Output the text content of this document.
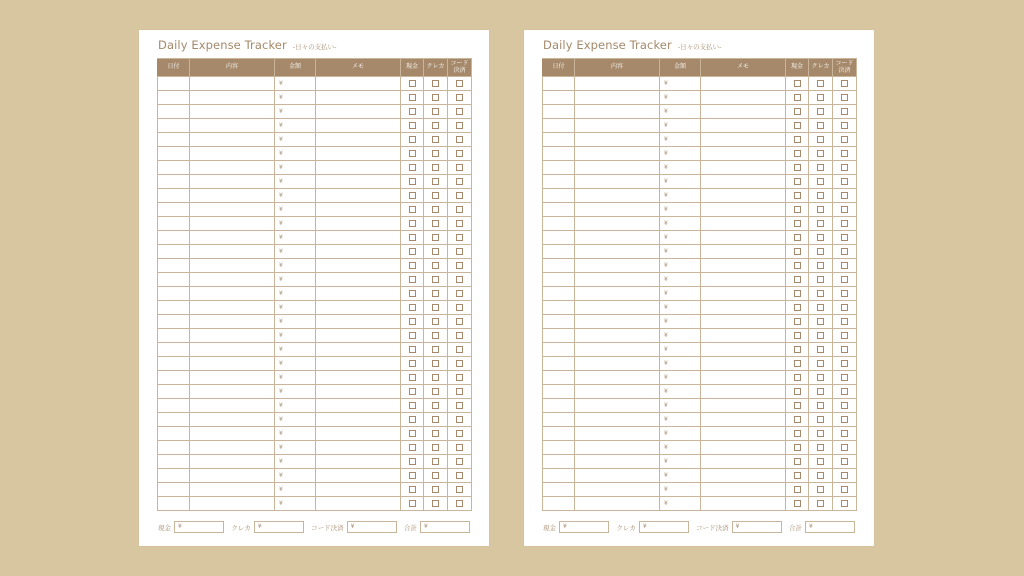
Daily Expense Tracker -日々の支払い-
日付	内容	金額	メモ	現金	クレカ	コード
決済
		¥				
		¥				
		¥				
		¥				
		¥				
		¥				
		¥				
		¥				
		¥				
		¥				
		¥				
		¥				
		¥				
		¥				
		¥				
		¥				
		¥				
		¥				
		¥				
		¥				
		¥				
		¥				
		¥				
		¥				
		¥				
		¥				
		¥				
		¥				
		¥				
		¥				
		¥				
現金	¥	クレカ	¥	コード決済	¥	合計	¥
Daily Expense Tracker -日々の支払い-
日付	内容	金額	メモ	現金	クレカ	コード
決済
		¥				
		¥				
		¥				
		¥				
		¥				
		¥				
		¥				
		¥				
		¥				
		¥				
		¥				
		¥				
		¥				
		¥				
		¥				
		¥				
		¥				
		¥				
		¥				
		¥				
		¥				
		¥				
		¥				
		¥				
		¥				
		¥				
		¥				
		¥				
		¥				
		¥				
		¥				
現金	¥	クレカ	¥	コード決済	¥	合計	¥
